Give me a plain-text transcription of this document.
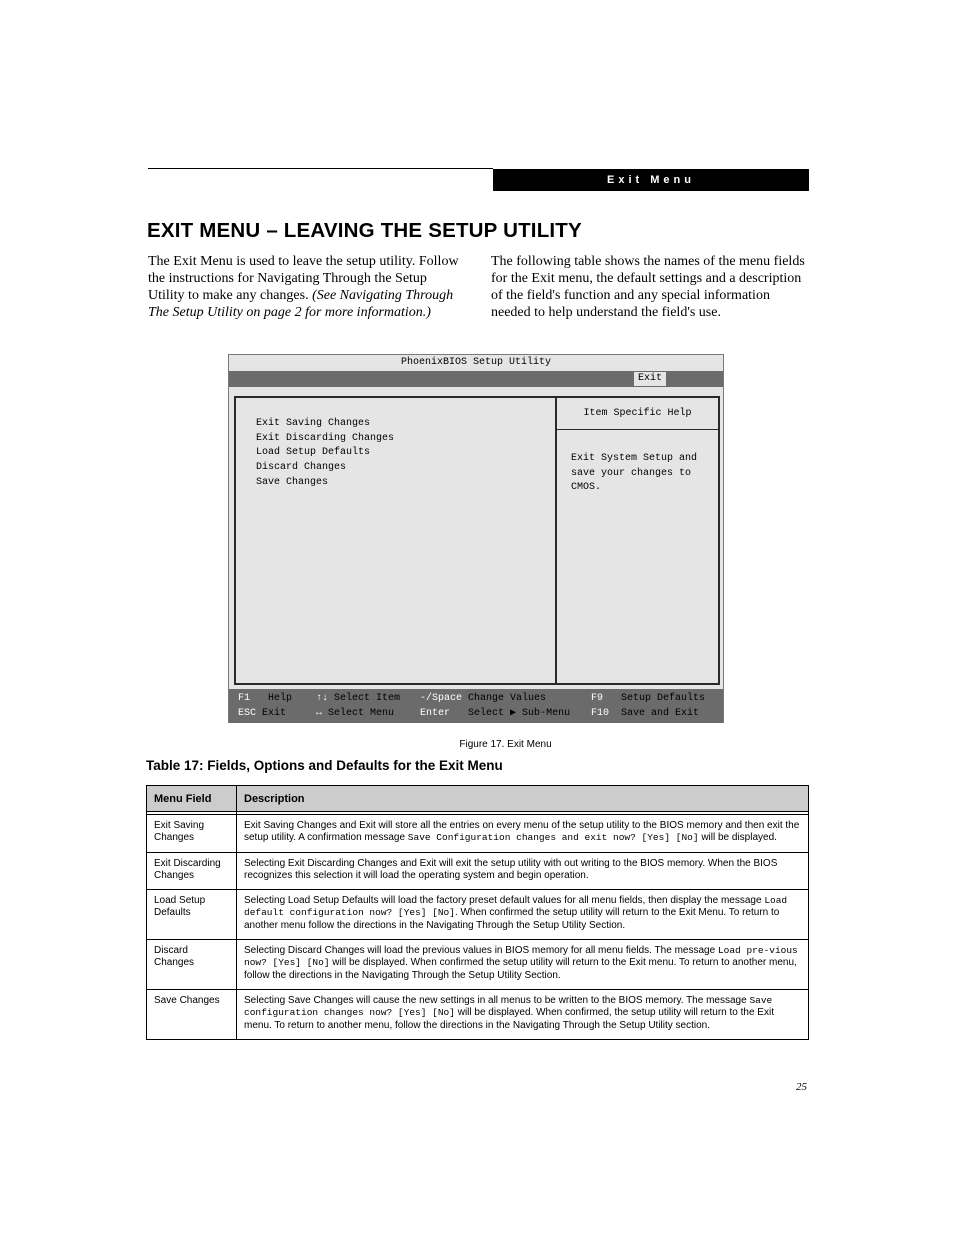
Exit Menu
EXIT MENU – LEAVING THE SETUP UTILITY

The Exit Menu is used to leave the setup utility. Follow the instructions for Navigating Through the Setup Utility to make any changes. (See Navigating Through The Setup Utility on page 2 for more information.)

The following table shows the names of the menu fields for the Exit menu, the default settings and a description of the field's function and any special information needed to help understand the field's use.

PhoenixBIOS Setup Utility
Exit
Exit Saving Changes
Exit Discarding Changes
Load Setup Defaults
Discard Changes
Save Changes
Item Specific Help

Exit System Setup and
save your changes to
CMOS.

F1 Help
ESC Exit
↑↓ Select Item
↔ Select Menu
-/Space Change Values
Enter Select ▶ Sub-Menu
F9 Setup Defaults
F10 Save and Exit
Figure 17. Exit Menu
Table 17: Fields, Options and Defaults for the Exit Menu
Menu Field	Description

Exit Saving Changes	Exit Saving Changes and Exit will store all the entries on every menu of the setup utility to the BIOS memory and then exit the setup utility. A confirmation message Save Configuration changes and exit now? [Yes] [No] will be displayed.
Exit Discarding Changes	Selecting Exit Discarding Changes and Exit will exit the setup utility with out writing to the BIOS memory. When the BIOS recognizes this selection it will load the operating system and begin operation.
Load Setup Defaults	Selecting Load Setup Defaults will load the factory preset default values for all menu fields, then display the message Load default configuration now? [Yes] [No]. When confirmed the setup utility will return to the Exit Menu. To return to another menu follow the directions in the Navigating Through the Setup Utility Section.
Discard Changes	Selecting Discard Changes will load the previous values in BIOS memory for all menu fields. The message Load pre-vious now? [Yes] [No] will be displayed. When confirmed the setup utility will return to the Exit menu. To return to another menu, follow the directions in the Navigating Through the Setup Utility Section.
Save Changes	Selecting Save Changes will cause the new settings in all menus to be written to the BIOS memory. The message Save configuration changes now? [Yes] [No] will be displayed. When confirmed, the setup utility will return to the Exit menu. To return to another menu, follow the directions in the Navigating Through the Setup Utility section.
25
